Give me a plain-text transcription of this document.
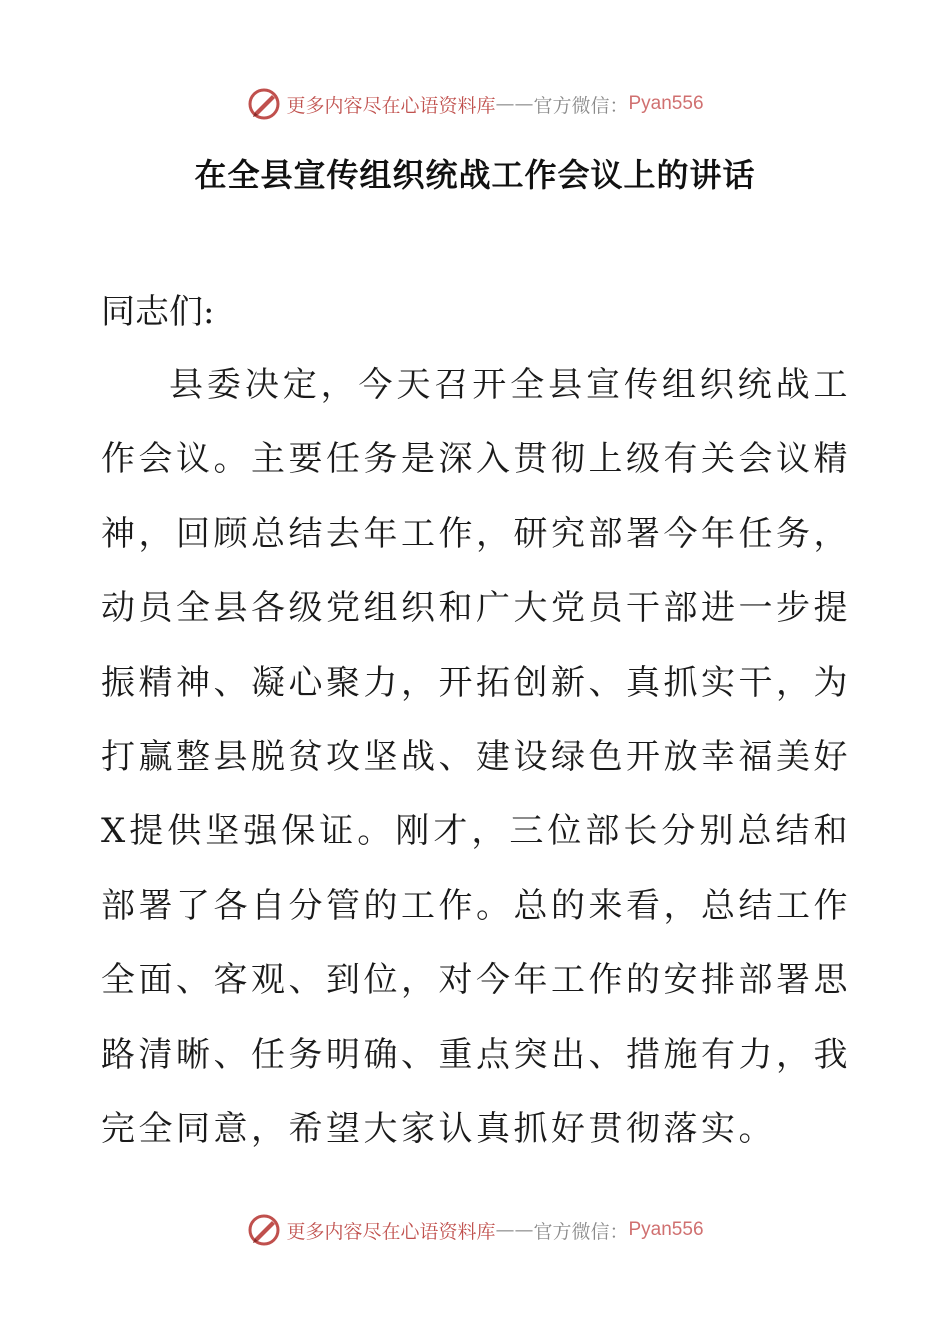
更多内容尽在心语资料库 —— 官方微信： Pyan556
在全县宣传组织统战工作会议上的讲话
同志们:

县委决定，今天召开全县宣传组织统战工作会议。主要任务是深入贯彻上级有关会议精神，回顾总结去年工作，研究部署今年任务，动员全县各级党组织和广大党员干部进一步提振精神、凝心聚力，开拓创新、真抓实干，为打赢整县脱贫攻坚战、建设绿色开放幸福美好X提供坚强保证。刚才，三位部长分别总结和部署了各自分管的工作。总的来看，总结工作全面、客观、到位，对今年工作的安排部署思路清晰、任务明确、重点突出、措施有力，我完全同意，希望大家认真抓好贯彻落实。

更多内容尽在心语资料库 —— 官方微信： Pyan556
